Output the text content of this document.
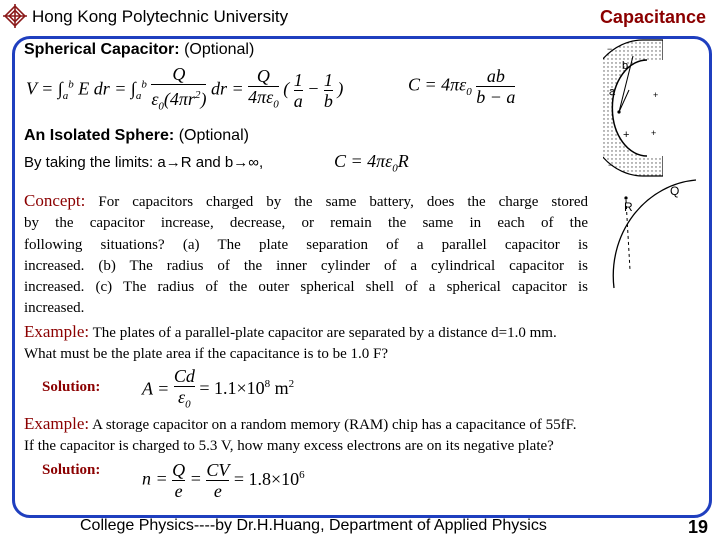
Hong Kong Polytechnic University	Capacitance
Spherical Capacitor: (Optional)
$V = \int_a^b$ E dr = $\int_a^b \frac{Q}{\varepsilon_0(4\pi r^2)}$ dr = $\frac{Q}{4\pi\varepsilon_0}$ ( $\frac{1}{a} - \frac{1}{b}$ )	$C = 4\pi\varepsilon_0 \frac{ab}{b - a}$
−
+
+
+
−
b
a
An Isolated Sphere: (Optional)
By taking the limits: a→R and b→∞,	$C = 4\pi\varepsilon_0R$
Q
R
Concept: For capacitors charged by the same battery, does the charge stored
by the capacitor increase, decrease, or remain the same in each of the
following situations? (a) The plate separation of a parallel capacitor is
increased. (b) The radius of the inner cylinder of a cylindrical capacitor is
increased. (c) The radius of the outer spherical shell of a spherical capacitor is
increased.
Example: The plates of a parallel-plate capacitor are separated by a distance d=1.0 mm.
What must be the plate area if the capacitance is to be 1.0 F?
Solution: $A = \frac{Cd}{\varepsilon_0} = 1.1\times 10^8$ $m^2$
Example: A storage capacitor on a random memory (RAM) chip has a capacitance of 55fF.
If the capacitor is charged to 5.3 V, how many excess electrons are on its negative plate?
Solution: $n = \frac{Q}{e} = \frac{CV}{e} = 1.8\times 10^6$
College Physics----by Dr.H.Huang, Department of Applied Physics	19
